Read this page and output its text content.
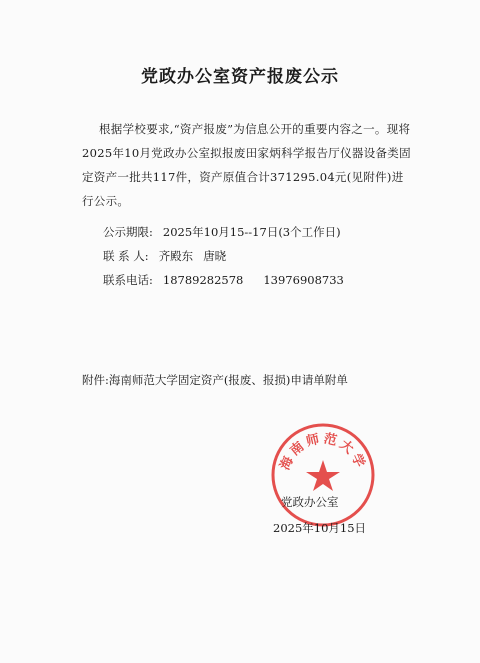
党政办公室资产报废公示
根据学校要求,“资产报废”为信息公开的重要内容之一。现将2025年10月党政办公室拟报废田家炳科学报告厅仪器设备类固定资产一批共117件，资产原值合计371295.04元(见附件)进行公示。
公示期限: 2025年10月15--17日(3个工作日)
联 系 人: 齐殿东 唐晓
联系电话: 18789282578 13976908733
附件:海南师范大学固定资产(报废、报损)申请单附单
海南师范大学
党政办公室
2025年10月15日
